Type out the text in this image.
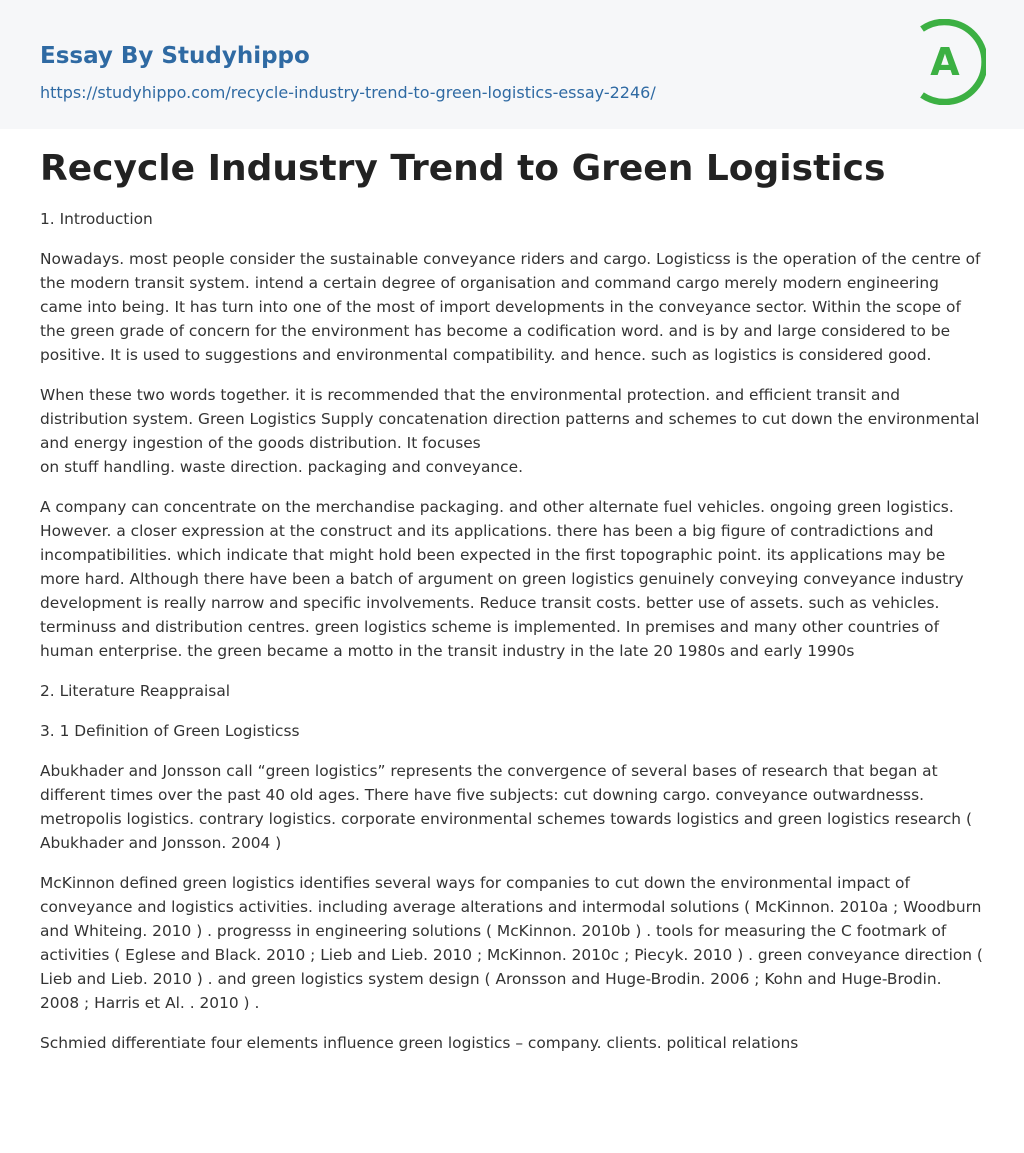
Essay By Studyhippo
https://studyhippo.com/recycle-industry-trend-to-green-logistics-essay-2246/
A
Recycle Industry Trend to Green Logistics

1. Introduction

Nowadays. most people consider the sustainable conveyance riders and cargo. Logisticss is the operation of the centre of the modern transit system. intend a certain degree of organisation and command cargo merely modern engineering came into being. It has turn into one of the most of import developments in the conveyance sector. Within the scope of the green grade of concern for the environment has become a codification word. and is by and large considered to be positive. It is used to suggestions and environmental compatibility. and hence. such as logistics is considered good.

When these two words together. it is recommended that the environmental protection. and efficient transit and distribution system. Green Logistics Supply concatenation direction patterns and schemes to cut down the environmental and energy ingestion of the goods distribution. It focuses
on stuff handling. waste direction. packaging and conveyance.

A company can concentrate on the merchandise packaging. and other alternate fuel vehicles. ongoing green logistics. However. a closer expression at the construct and its applications. there has been a big figure of contradictions and incompatibilities. which indicate that might hold been expected in the first topographic point. its applications may be more hard. Although there have been a batch of argument on green logistics genuinely conveying conveyance industry development is really narrow and specific involvements. Reduce transit costs. better use of assets. such as vehicles. terminuss and distribution centres. green logistics scheme is implemented. In premises and many other countries of human enterprise. the green became a motto in the transit industry in the late 20 1980s and early 1990s

2. Literature Reappraisal

3. 1 Definition of Green Logisticss

Abukhader and Jonsson call “green logistics” represents the convergence of several bases of research that began at different times over the past 40 old ages. There have five subjects: cut downing cargo. conveyance outwardnesss. metropolis logistics. contrary logistics. corporate environmental schemes towards logistics and green logistics research ( Abukhader and Jonsson. 2004 )

McKinnon defined green logistics identifies several ways for companies to cut down the environmental impact of conveyance and logistics activities. including average alterations and intermodal solutions ( McKinnon. 2010a ; Woodburn and Whiteing. 2010 ) . progresss in engineering solutions ( McKinnon. 2010b ) . tools for measuring the C footmark of activities ( Eglese and Black. 2010 ; Lieb and Lieb. 2010 ; McKinnon. 2010c ; Piecyk. 2010 ) . green conveyance direction ( Lieb and Lieb. 2010 ) . and green logistics system design ( Aronsson and Huge-Brodin. 2006 ; Kohn and Huge-Brodin. 2008 ; Harris et Al. . 2010 ) .

Schmied differentiate four elements influence green logistics – company. clients. political relations
